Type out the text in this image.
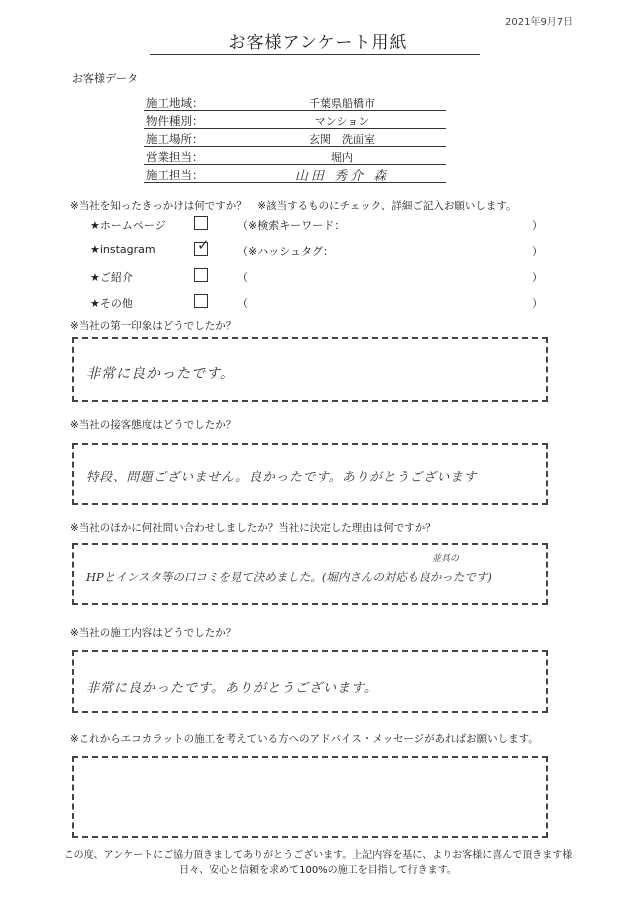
2021年9月7日
お客様アンケート用紙
お客様データ
施工地域：	千葉県船橋市
物件種別：	マンション
施工場所：	玄関　洗面室
営業担当：	堀内
施工担当：	山田 秀介 森
※当社を知ったきっかけは何ですか？　※該当するものにチェック、詳細ご記入お願いします。
★ホームページ	（※検索キーワード：	）
★instagram	✓ （※ハッシュタグ：	）
★ご紹介	（	）
★その他	（	）
※当社の第一印象はどうでしたか？
非常に良かったです。
※当社の接客態度はどうでしたか？
特段、問題ございません。良かったです。ありがとうございます
※当社のほかに何社問い合わせしましたか？当社に決定した理由は何ですか？
HPとインスタ等の口コミを見て決めました。(堀内さんの対応も良かったです)
並具の
※当社の施工内容はどうでしたか？
非常に良かったです。ありがとうございます。
※これからエコカラットの施工を考えている方へのアドバイス・メッセージがあればお願いします。
この度、アンケートにご協力頂きましてありがとうございます。上記内容を基に、よりお客様に喜んで頂きます様
日々、安心と信頼を求めて100%の施工を目指して行きます。
